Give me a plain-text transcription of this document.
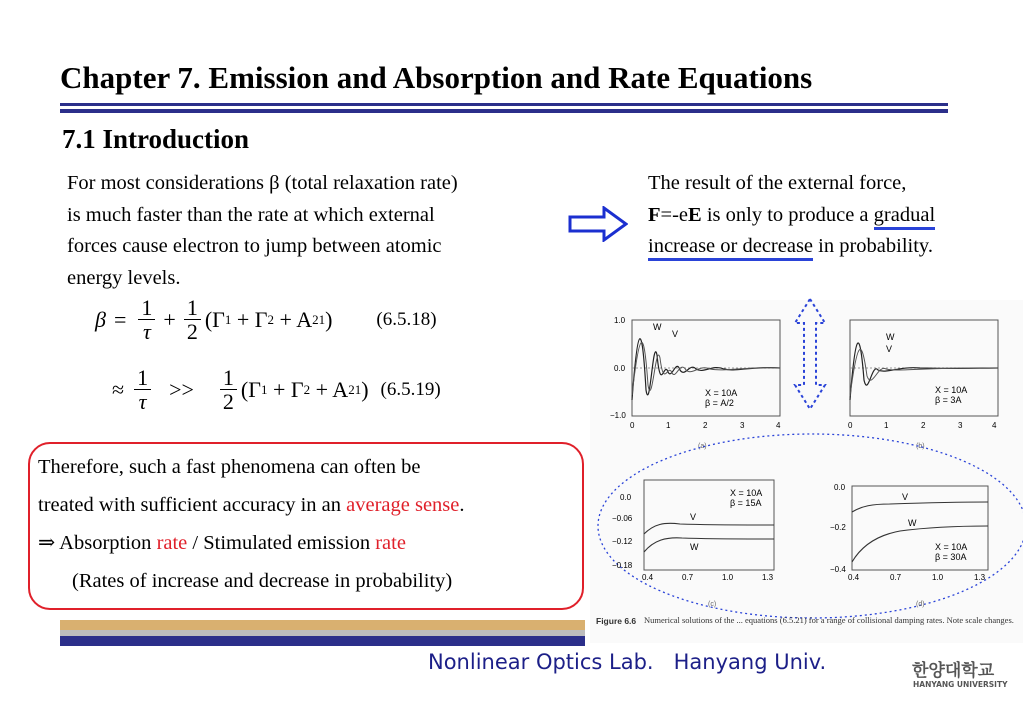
Chapter 7. Emission and Absorption and Rate Equations
7.1 Introduction
For most considerations β (total relaxation rate)
is much faster than the rate at which external
forces cause electron to jump between atomic
energy levels.
The result of the external force,
F=-eE is only to produce a gradual
increase or decrease in probability.
$\beta = \frac{1}{\tau} + \frac{1}{2} (\Gamma$ 1 + Γ 2 + A 21 ) (6.5.18)
≈ $\frac{1}{\tau} >> \frac{1}{2} (\Gamma$ 1 + Γ 2 + A 21 ) (6.5.19)
Therefore, such a fast phenomena can often be
treated with sufficient accuracy in an average sense.
⇒ Absorption rate / Stimulated emission rate
(Rates of increase and decrease in probability)
W
V
X = 10A
β = A/2
1.0
0.0
−1.0
0	1	2	3	4
(a)
W
V
X = 10A
β = 3A
0	1	2	3	4
(b)
V
W
X = 10A
β = 15A
0.0
−0.06
−0.12
−0.18
0.4	0.7	1.0	1.3
(c)
V
W
X = 10A
β = 30A
0.0
−0.2
−0.4
0.4	0.7	1.0	1.3
(d)
Figure 6.6 Numerical solutions of the ... equations (6.5.21) for a range of collisional damping rates. Note scale changes.
Nonlinear Optics Lab.   Hanyang Univ.	한양대학교
HANYANG UNIVERSITY
